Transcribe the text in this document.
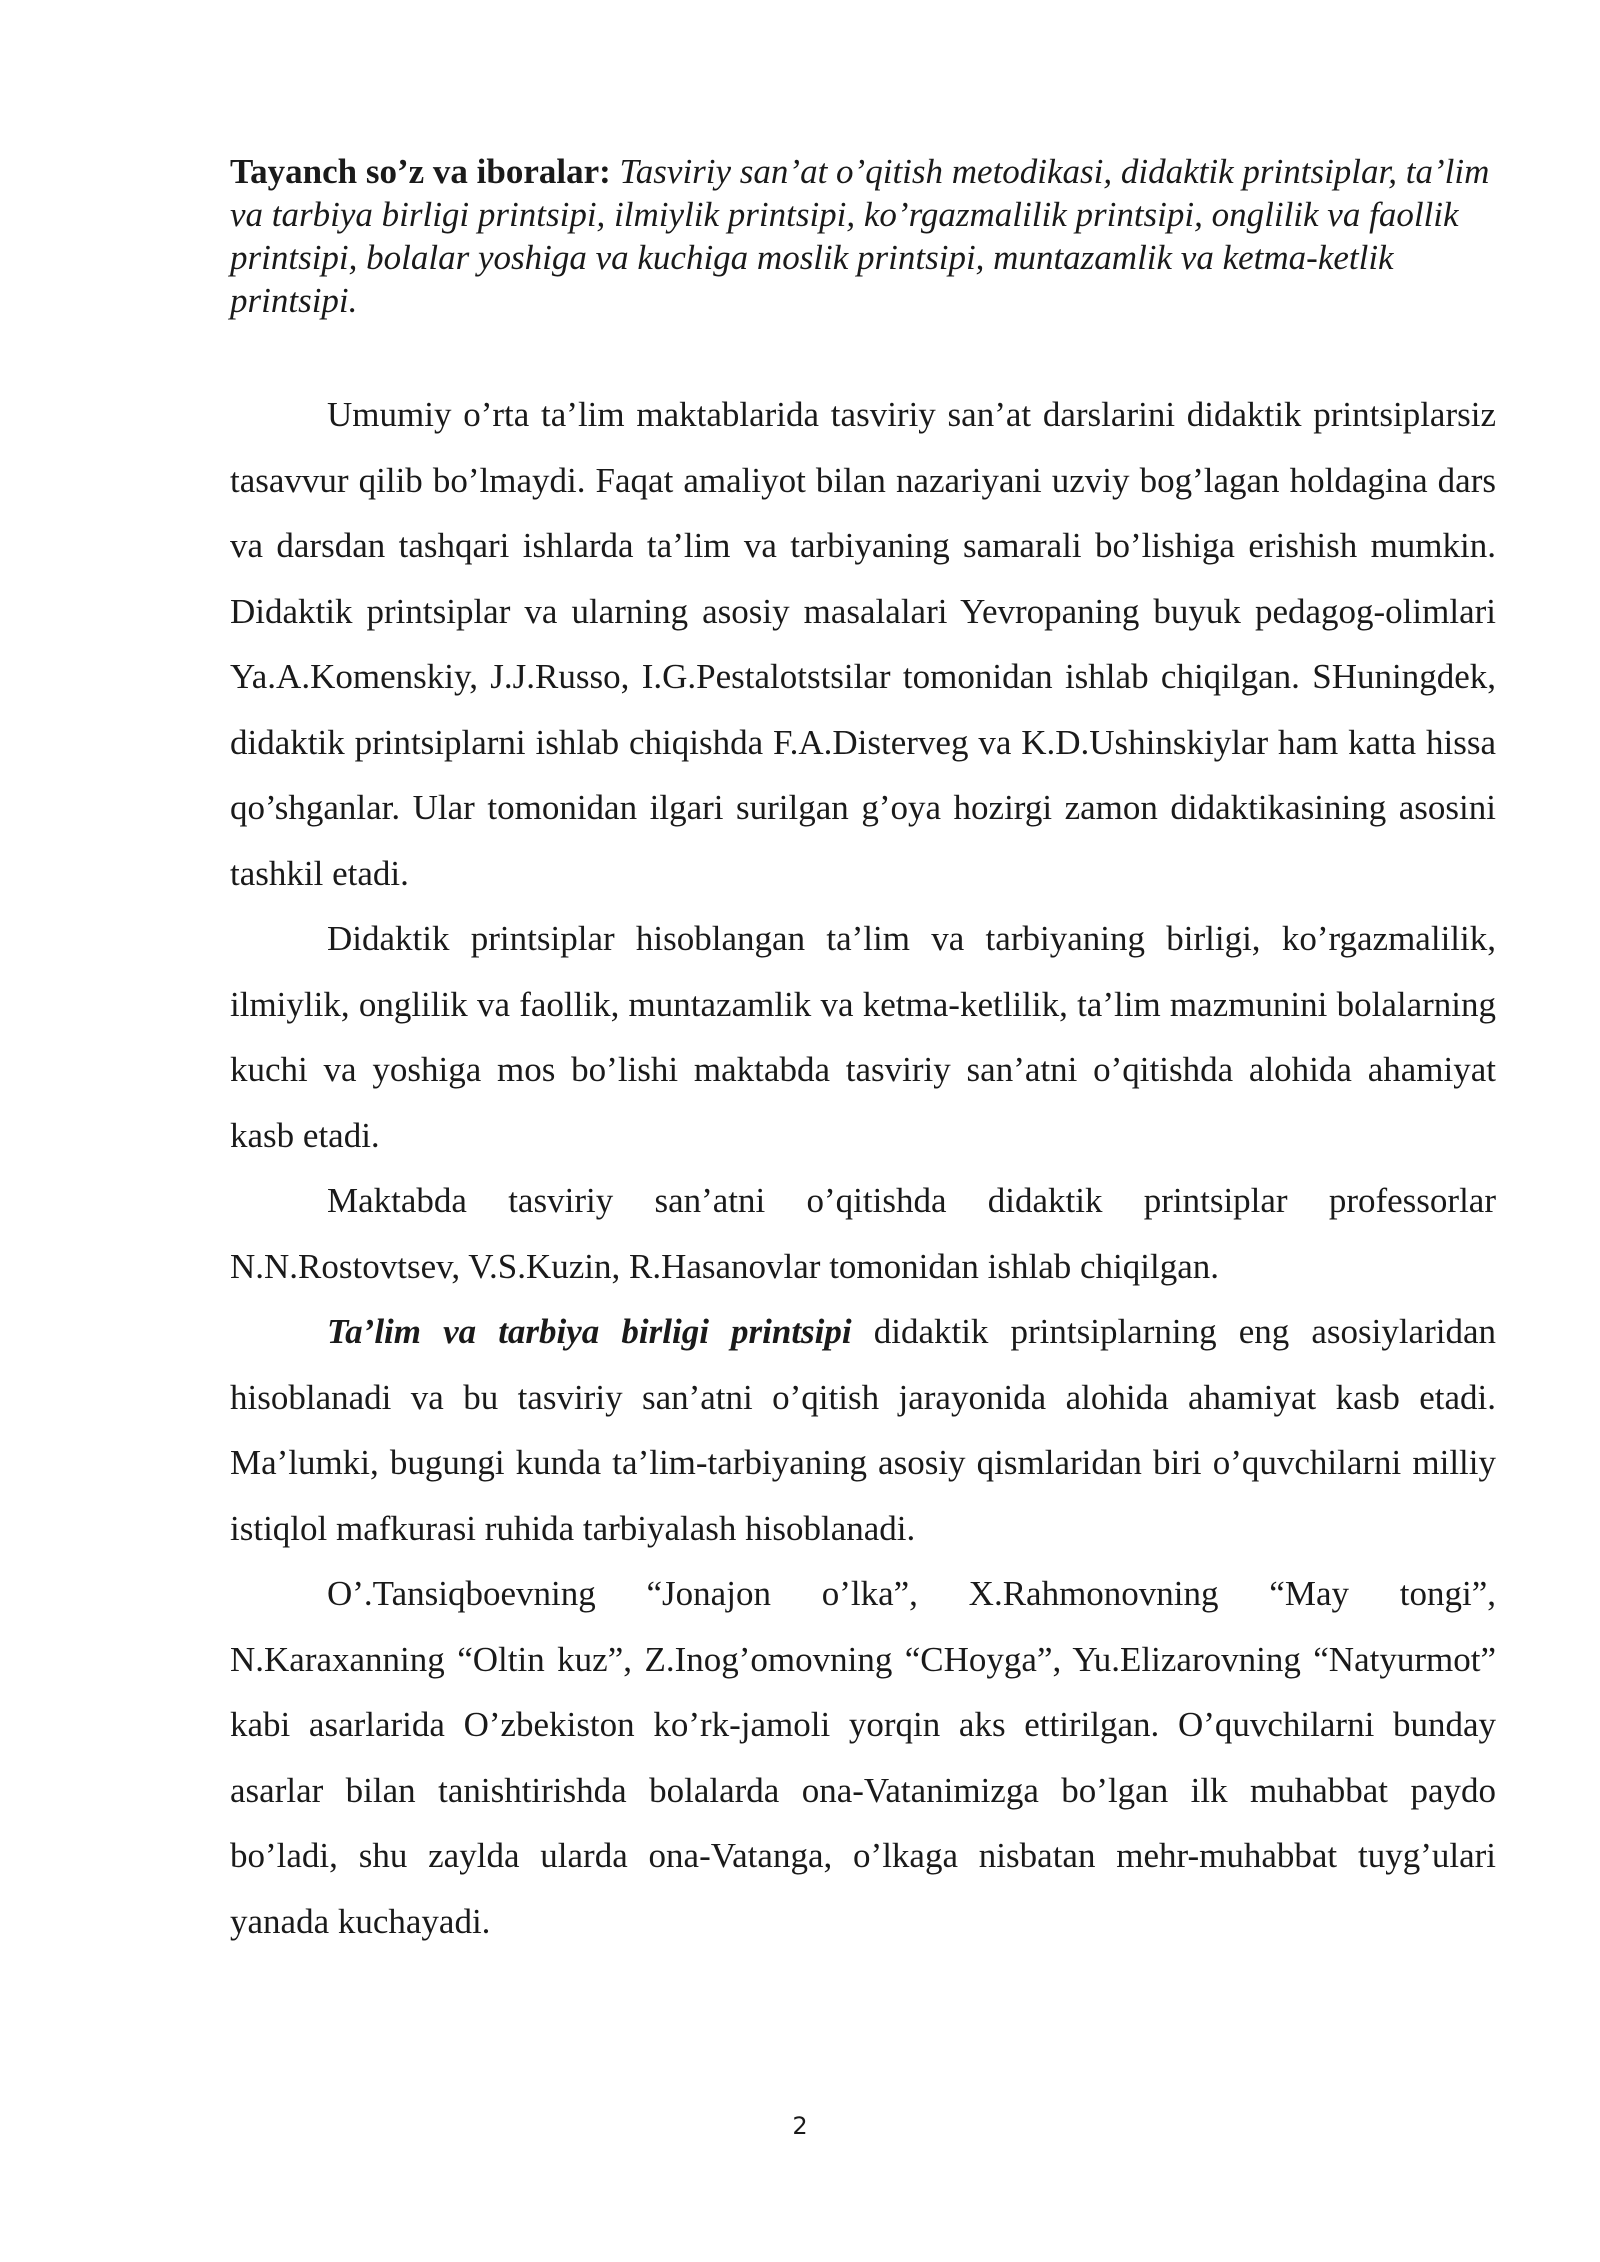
Tayanch so’z va iboralar: Tasviriy san’at o’qitish metodikasi, didaktik printsiplar, ta’lim va tarbiya birligi printsipi, ilmiylik printsipi, ko’rgazmalilik printsipi, onglilik va faollik printsipi, bolalar yoshiga va kuchiga moslik printsipi, muntazamlik va ketma-ketlik printsipi.

Umumiy o’rta ta’lim maktablarida tasviriy san’at darslarini didaktik printsiplarsiz tasavvur qilib bo’lmaydi. Faqat amaliyot bilan nazariyani uzviy bog’lagan holdagina dars va darsdan tashqari ishlarda ta’lim va tarbiyaning samarali bo’lishiga erishish mumkin. Didaktik printsiplar va ularning asosiy masalalari Yevropaning buyuk pedagog-olimlari Ya.A.Komenskiy, J.J.Russo, I.G.Pestalotstsilar tomonidan ishlab chiqilgan. SHuningdek, didaktik printsiplarni ishlab chiqishda F.A.Disterveg va K.D.Ushinskiylar ham katta hissa qo’shganlar. Ular tomonidan ilgari surilgan g’oya hozirgi zamon didaktikasining asosini tashkil etadi.

Didaktik printsiplar hisoblangan ta’lim va tarbiyaning birligi, ko’rgazmalilik, ilmiylik, onglilik va faollik, muntazamlik va ketma-ketlilik, ta’lim mazmunini bolalarning kuchi va yoshiga mos bo’lishi maktabda tasviriy san’atni o’qitishda alohida ahamiyat kasb etadi.

Maktabda tasviriy san’atni o’qitishda didaktik printsiplar professorlar N.N.Rostovtsev, V.S.Kuzin, R.Hasanovlar tomonidan ishlab chiqilgan.

Ta’lim va tarbiya birligi printsipi didaktik printsiplarning eng asosiylaridan hisoblanadi va bu tasviriy san’atni o’qitish jarayonida alohida ahamiyat kasb etadi. Ma’lumki, bugungi kunda ta’lim-tarbiyaning asosiy qismlaridan biri o’quvchilarni milliy istiqlol mafkurasi ruhida tarbiyalash hisoblanadi.

O’.Tansiqboevning “Jonajon o’lka”, X.Rahmonovning “May tongi”, N.Karaxanning “Oltin kuz”, Z.Inog’omovning “CHoyga”, Yu.Elizarovning “Natyurmot” kabi asarlarida O’zbekiston ko’rk-jamoli yorqin aks ettirilgan. O’quvchilarni bunday asarlar bilan tanishtirishda bolalarda ona-Vatanimizga bo’lgan ilk muhabbat paydo bo’ladi, shu zaylda ularda ona-Vatanga, o’lkaga nisbatan mehr-muhabbat tuyg’ulari yanada kuchayadi.

2
